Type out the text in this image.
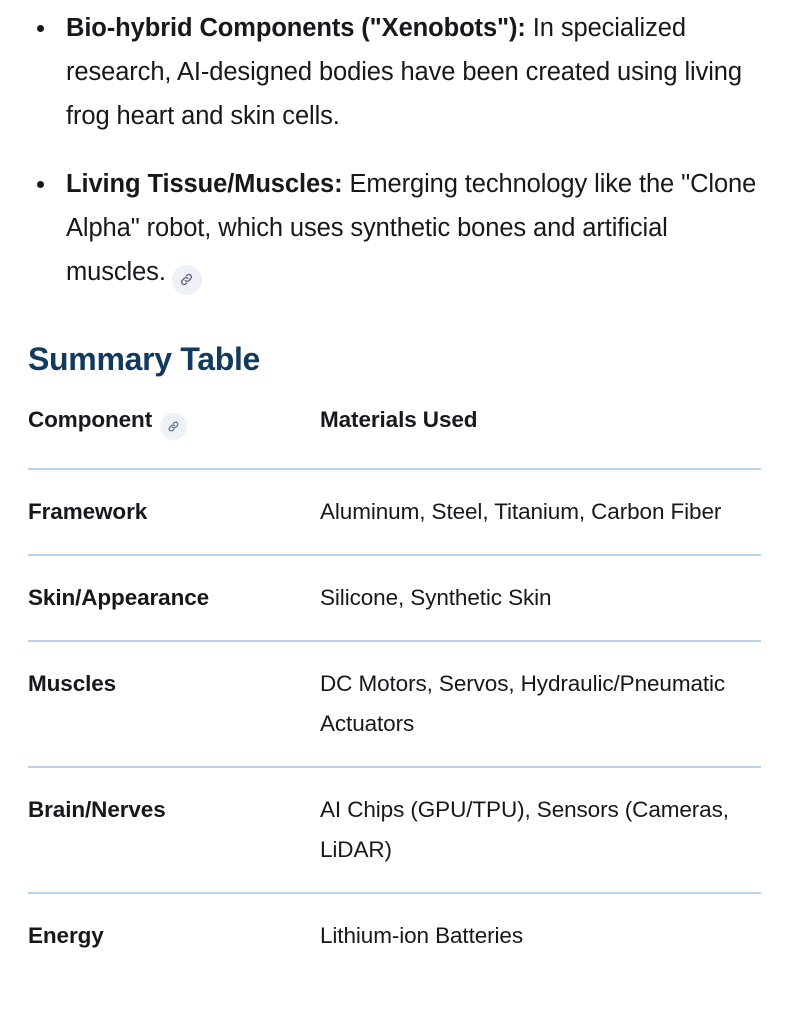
Bio-hybrid Components ("Xenobots"): In specialized research, AI-designed bodies have been created using living frog heart and skin cells.
Living Tissue/Muscles: Emerging technology like the "Clone Alpha" robot, which uses synthetic bones and artificial muscles.
Summary Table
Component	Materials Used
Framework	Aluminum, Steel, Titanium, Carbon Fiber
Skin/Appearance	Silicone, Synthetic Skin
Muscles	DC Motors, Servos, Hydraulic/Pneumatic Actuators
Brain/Nerves	AI Chips (GPU/TPU), Sensors (Cameras, LiDAR)
Energy	Lithium-ion Batteries
